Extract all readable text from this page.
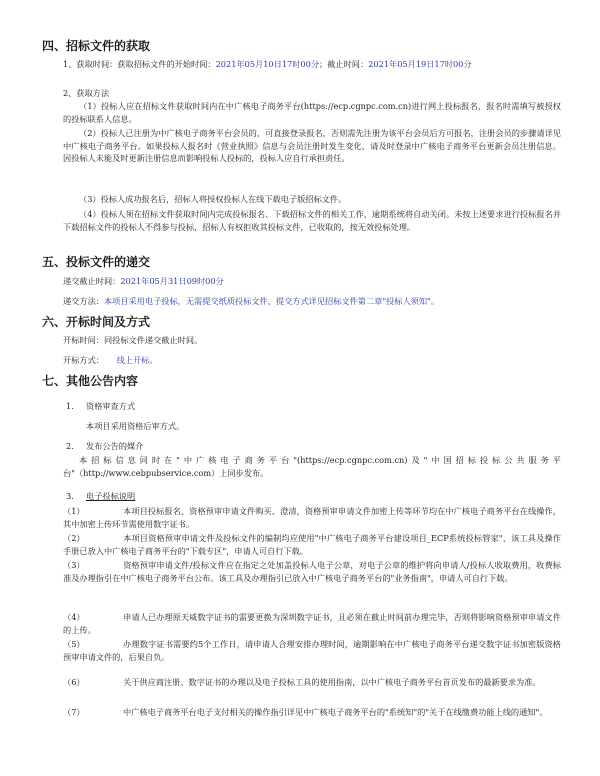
四、招标文件的获取
1、获取时间：获取招标文件的开始时间：2021年05月10日17时00分；截止时间：2021年05月19日17时00分
2、获取方法
（1）投标人应在招标文件获取时间内在中广核电子商务平台(https://ecp.cgnpc.com.cn)进行网上投标报名，报名时需填写被授权的投标联系人信息。
（2）投标人已注册为中广核电子商务平台会员的，可直接登录报名，否则需先注册为该平台会员后方可报名，注册会员的步骤请详见中广核电子商务平台。如果投标人报名时《营业执照》信息与会员注册时发生变化，请及时登录中广核电子商务平台更新会员注册信息。因投标人未能及时更新注册信息而影响投标人投标的，投标人应自行承担责任。
（3）投标人成功报名后，招标人将授权投标人在线下载电子版招标文件。
（4）投标人须在招标文件获取时间内完成投标报名、下载招标文件的相关工作，逾期系统将自动关闭。未按上述要求进行投标报名并下载招标文件的投标人不得参与投标，招标人有权拒收其投标文件，已收取的，按无效投标处理。
五、投标文件的递交
递交截止时间：2021年05月31日09时00分
递交方法：本项目采用电子投标，无需提交纸质投标文件，提交方式详见招标文件第二章"投标人须知"。
六、开标时间及方式
开标时间：同投标文件递交截止时间。
开标方式： 线上开标。
七、其他公告内容
1. 资格审查方式
本项目采用资格后审方式。
2. 发布公告的媒介
本招标信息同时在"中广核电子商务平台"(https://ecp.cgnpc.com.cn)及"中国招标投标公共服务平台"（http://www.cebpubservice.com）上同步发布。
3. 电子投标说明
（1）	本项目投标报名、资格预审申请文件购买、澄清，资格预审申请文件加密上传等环节均在中广核电子商务平台在线操作，其中加密上传环节需使用数字证书。
（2）	本项目资格预审申请文件及投标文件的编制均应使用"中广核电子商务平台建设项目_ECP系统投标管家"，该工具及操作手册已放入中广核电子商务平台的"下载专区"，申请人可自行下载。
（3）	资格预审申请文件/投标文件应在指定之处加盖投标人电子公章，对电子公章的维护将向申请人/投标人收取费用，收费标准及办理指引在中广核电子商务平台公布。该工具及办理指引已放入中广核电子商务平台的"业务指南"，申请人可自行下载。
（4）	申请人已办理原天威数字证书的需要更换为深圳数字证书，且必须在截止时间前办理完毕，否则将影响资格预审申请文件的上传。
（5）	办理数字证书需要约5个工作日，请申请人合理安排办理时间，逾期影响在中广核电子商务平台递交数字证书加密版资格预审申请文件的，后果自负。
（6）	关于供应商注册、数字证书的办理以及电子投标工具的使用指南，以中广核电子商务平台首页发布的最新要求为准。
（7）	中广核电子商务平台电子支付相关的操作指引详见中广核电子商务平台的"系统知"的"关于在线缴费功能上线的通知"。
